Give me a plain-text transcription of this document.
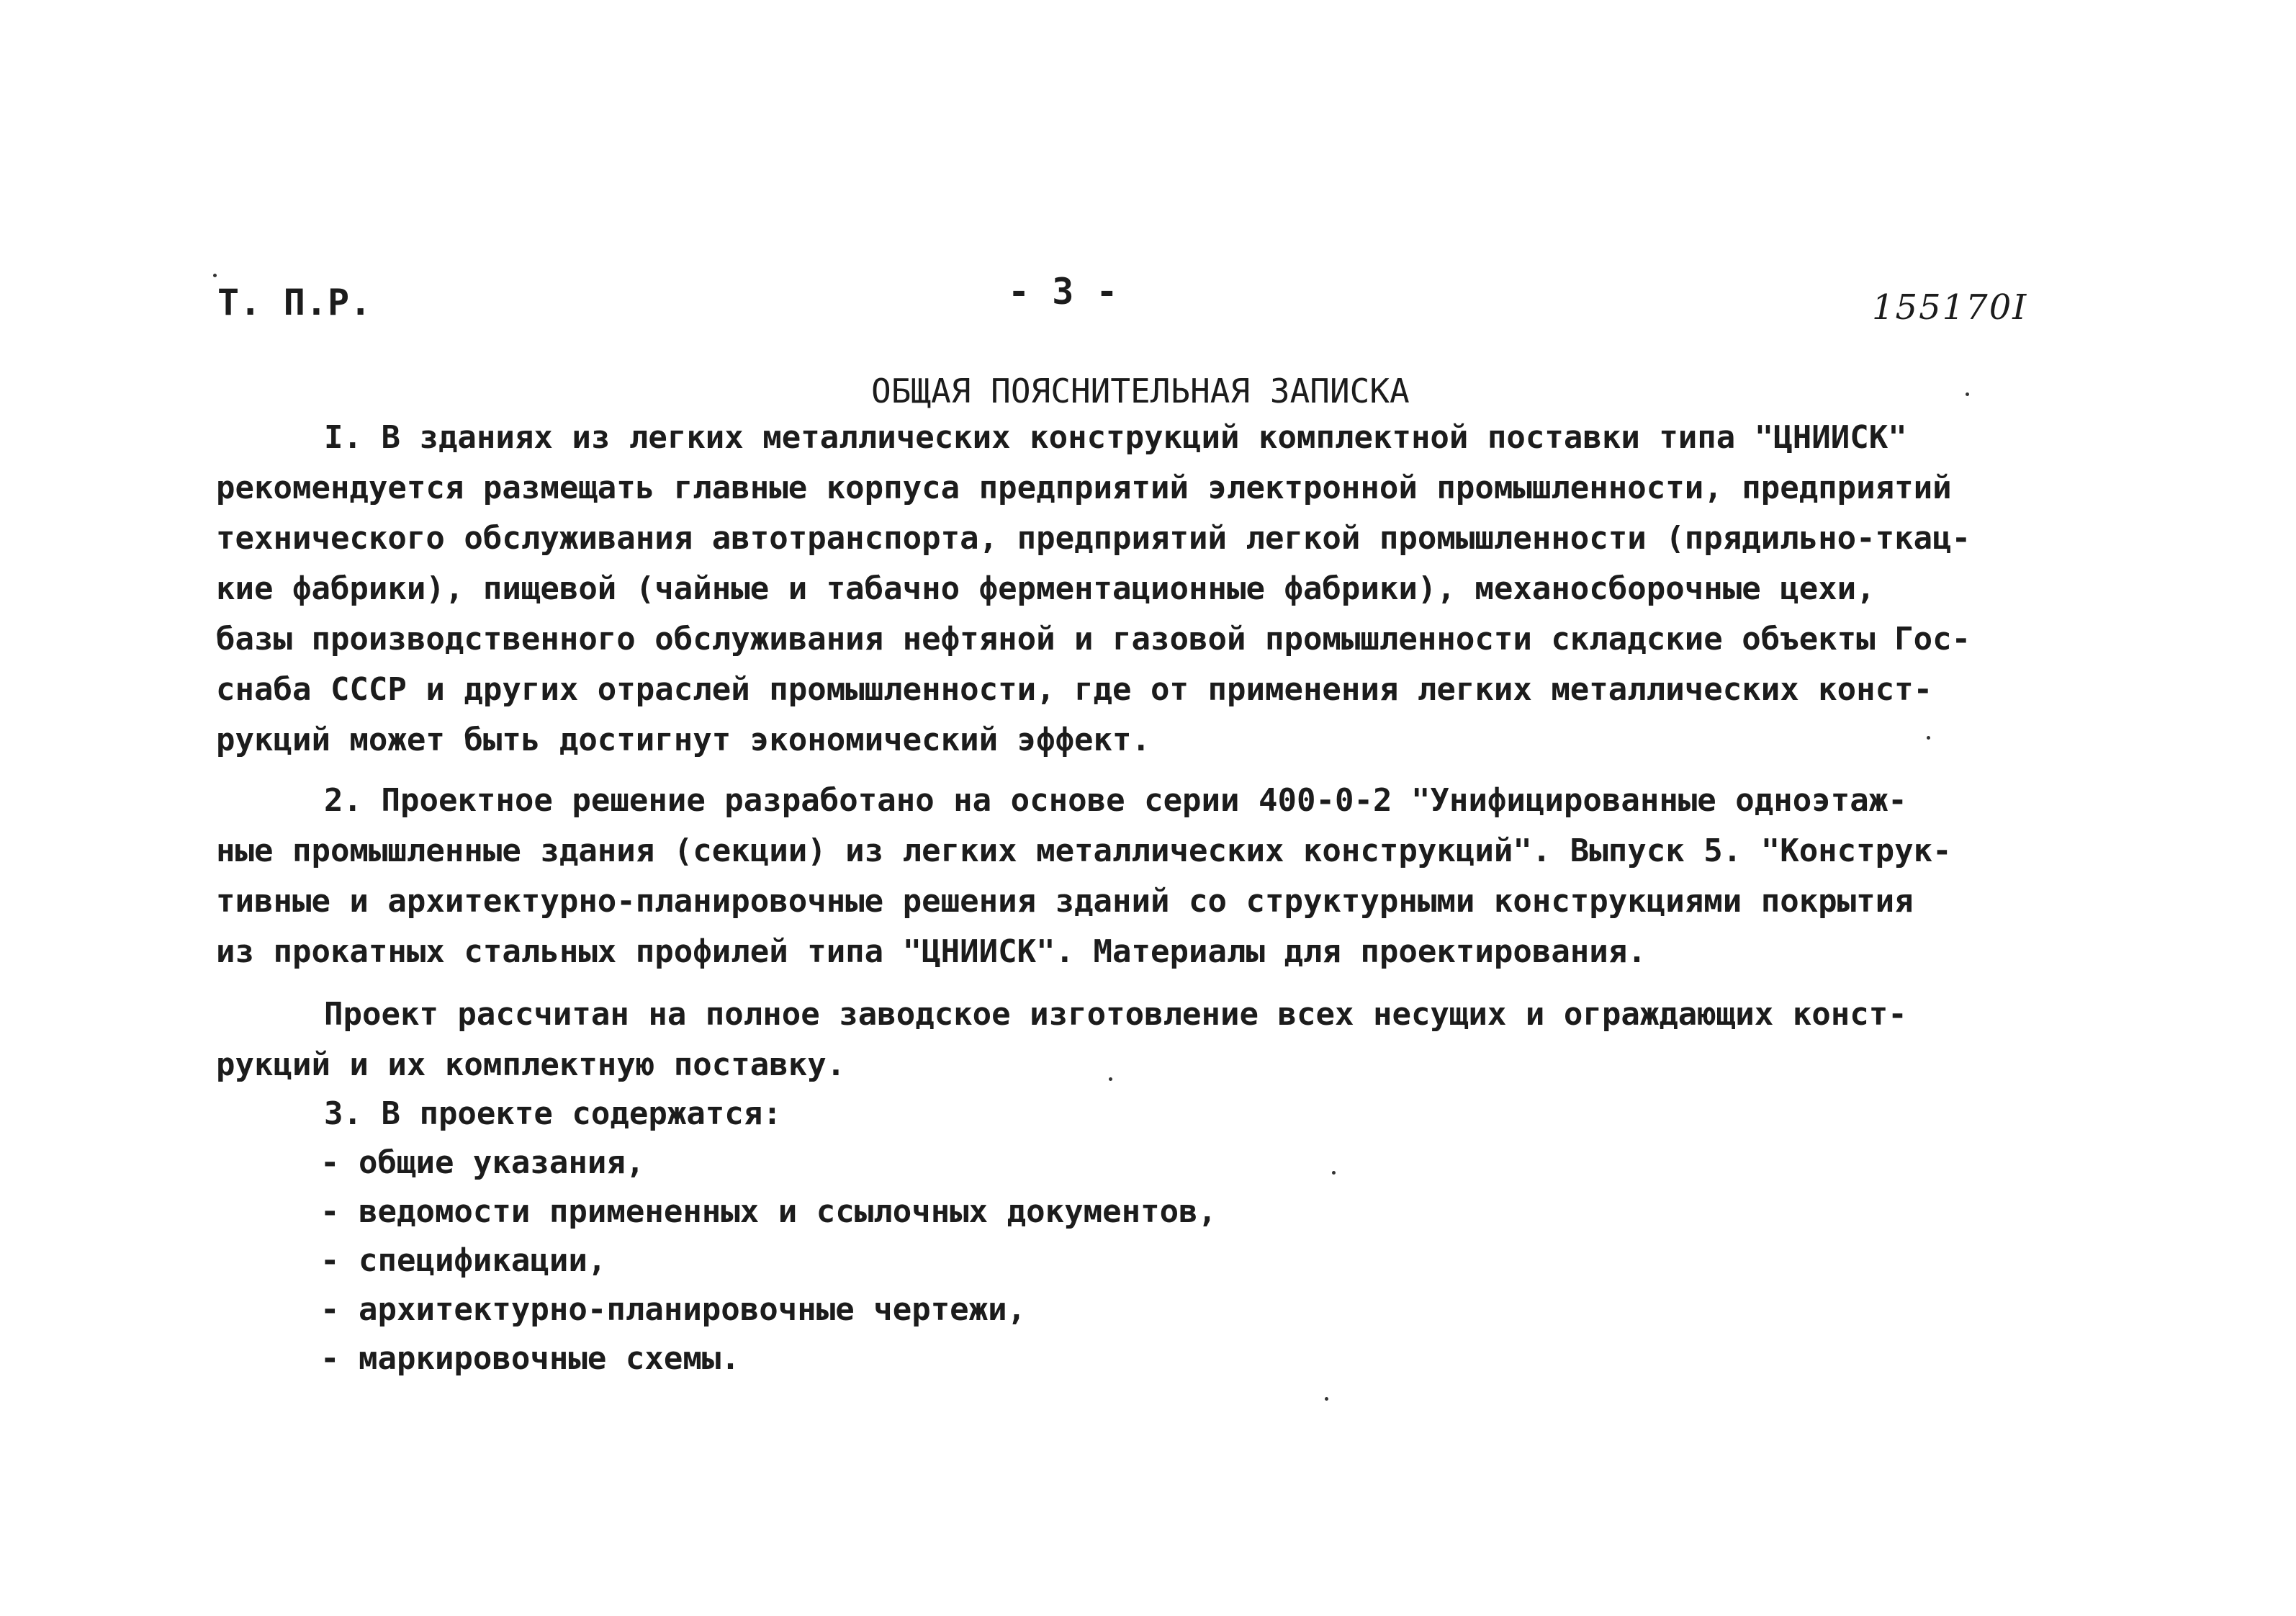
Т. П.Р.	- 3 -	155170I
ОБЩАЯ ПОЯСНИТЕЛЬНАЯ ЗАПИСКА
I. В зданиях из легких металлических конструкций комплектной поставки типа "ЦНИИСК"
рекомендуется размещать главные корпуса предприятий электронной промышленности, предприятий
технического обслуживания автотранспорта, предприятий легкой промышленности (прядильно-ткац-
кие фабрики), пищевой (чайные и табачно ферментационные фабрики), механосборочные цехи,
базы производственного обслуживания нефтяной и газовой промышленности складские объекты Гос-
снаба СССР и других отраслей промышленности, где от применения легких металлических конст-
рукций может быть достигнут экономический эффект.
2. Проектное решение разработано на основе серии 400-0-2 "Унифицированные одноэтаж-
ные промышленные здания (секции) из легких металлических конструкций". Выпуск 5. "Конструк-
тивные и архитектурно-планировочные решения зданий со структурными конструкциями покрытия
из прокатных стальных профилей типа "ЦНИИСК". Материалы для проектирования.
Проект рассчитан на полное заводское изготовление всех несущих и ограждающих конст-
рукций и их комплектную поставку.
3. В проекте содержатся:
- общие указания,
- ведомости примененных и ссылочных документов,
- спецификации,
- архитектурно-планировочные чертежи,
- маркировочные схемы.
